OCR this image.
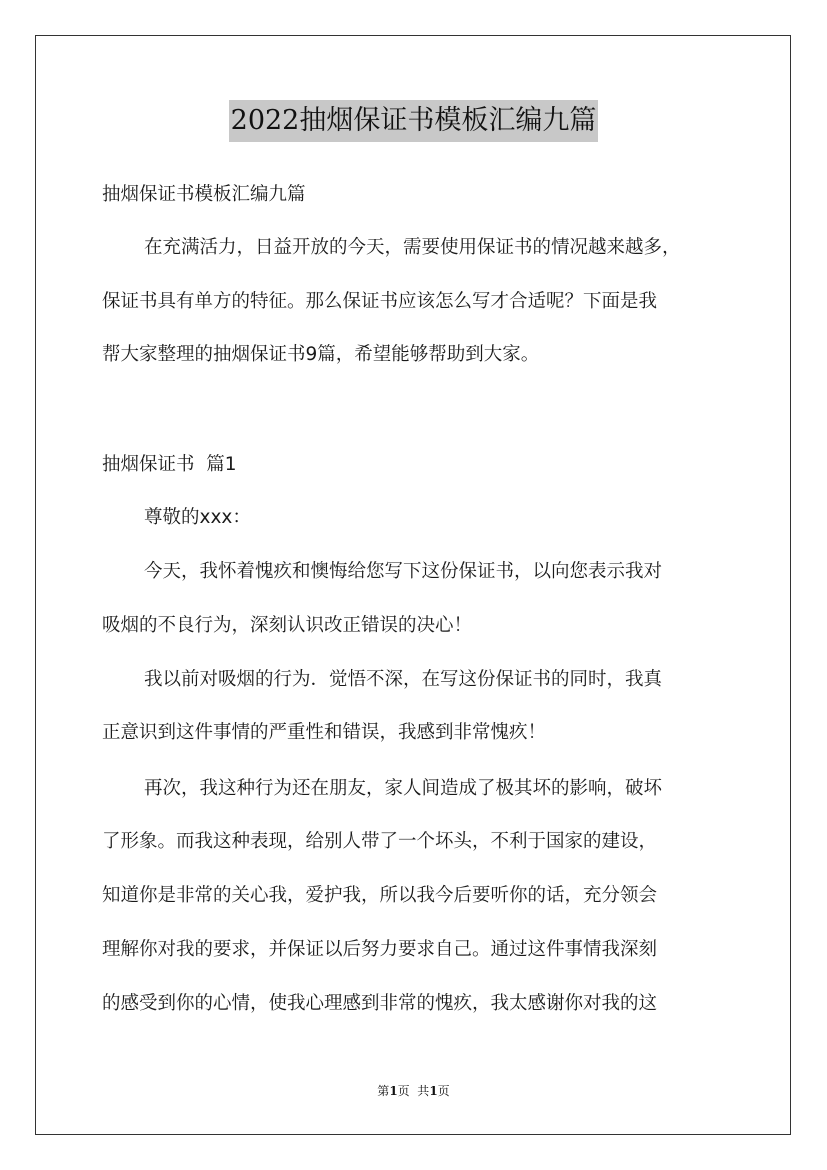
2022抽烟保证书模板汇编九篇
抽烟保证书模板汇编九篇
在充满活力，日益开放的今天，需要使用保证书的情况越来越多，
保证书具有单方的特征。那么保证书应该怎么写才合适呢？下面是我
帮大家整理的抽烟保证书9篇，希望能够帮助到大家。
抽烟保证书  篇1
尊敬的xxx：
今天，我怀着愧疚和懊悔给您写下这份保证书，以向您表示我对
吸烟的不良行为，深刻认识改正错误的决心！
我以前对吸烟的行为．觉悟不深，在写这份保证书的同时，我真
正意识到这件事情的严重性和错误，我感到非常愧疚！
再次，我这种行为还在朋友，家人间造成了极其坏的影响，破坏
了形象。而我这种表现，给别人带了一个坏头，不利于国家的建设，
知道你是非常的关心我，爱护我，所以我今后要听你的话，充分领会
理解你对我的要求，并保证以后努力要求自己。通过这件事情我深刻
的感受到你的心情，使我心理感到非常的愧疚，我太感谢你对我的这
第1页  共1页
